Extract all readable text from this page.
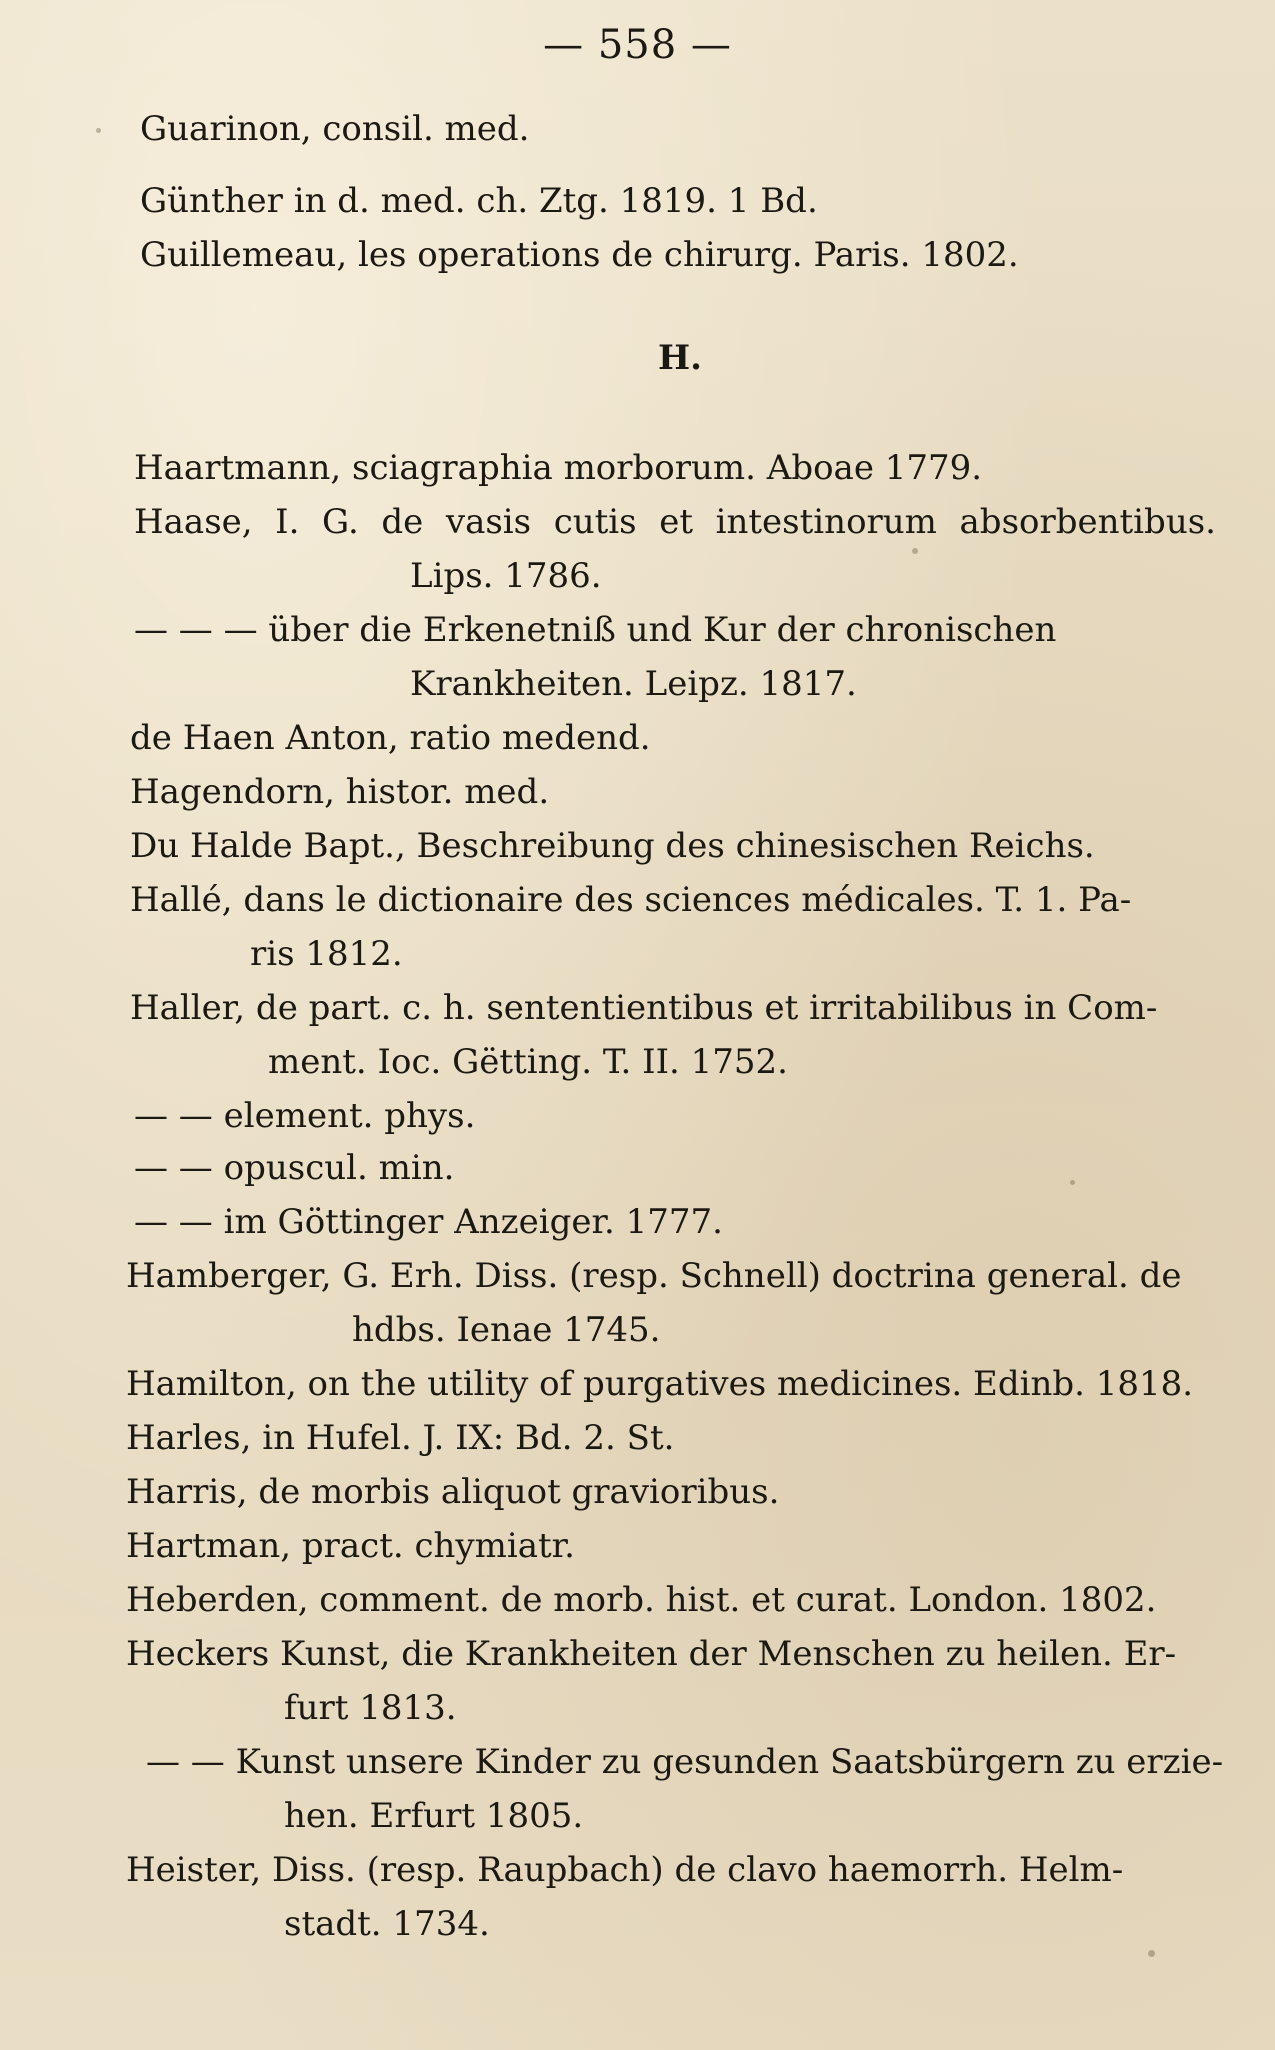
— 558 —
Guarinon, consil. med.
Günther in d. med. ch. Ztg. 1819. 1 Bd.
Guillemeau, les operations de chirurg. Paris. 1802.
H.
Haartmann, sciagraphia morborum. Aboae 1779.
Haase, I. G. de vasis cutis et intestinorum absorbentibus.
Lips. 1786.
— — — über die Erkenetniß und Kur der chronischen
Krankheiten. Leipz. 1817.
de Haen Anton, ratio medend.
Hagendorn, histor. med.
Du Halde Bapt., Beschreibung des chinesischen Reichs.
Hallé, dans le dictionaire des sciences médicales. T. 1. Pa-
ris 1812.
Haller, de part. c. h. sententientibus et irritabilibus in Com-
ment. Ioc. Gëtting. T. II. 1752.
— — element. phys.
— — opuscul. min.
— — im Göttinger Anzeiger. 1777.
Hamberger, G. Erh. Diss. (resp. Schnell) doctrina general. de
hdbs. Ienae 1745.
Hamilton, on the utility of purgatives medicines. Edinb. 1818.
Harles, in Hufel. J. IX: Bd. 2. St.
Harris, de morbis aliquot gravioribus.
Hartman, pract. chymiatr.
Heberden, comment. de morb. hist. et curat. London. 1802.
Heckers Kunst, die Krankheiten der Menschen zu heilen. Er-
furt 1813.
— — Kunst unsere Kinder zu gesunden Saatsbürgern zu erzie-
hen. Erfurt 1805.
Heister, Diss. (resp. Raupbach) de clavo haemorrh. Helm-
stadt. 1734.
